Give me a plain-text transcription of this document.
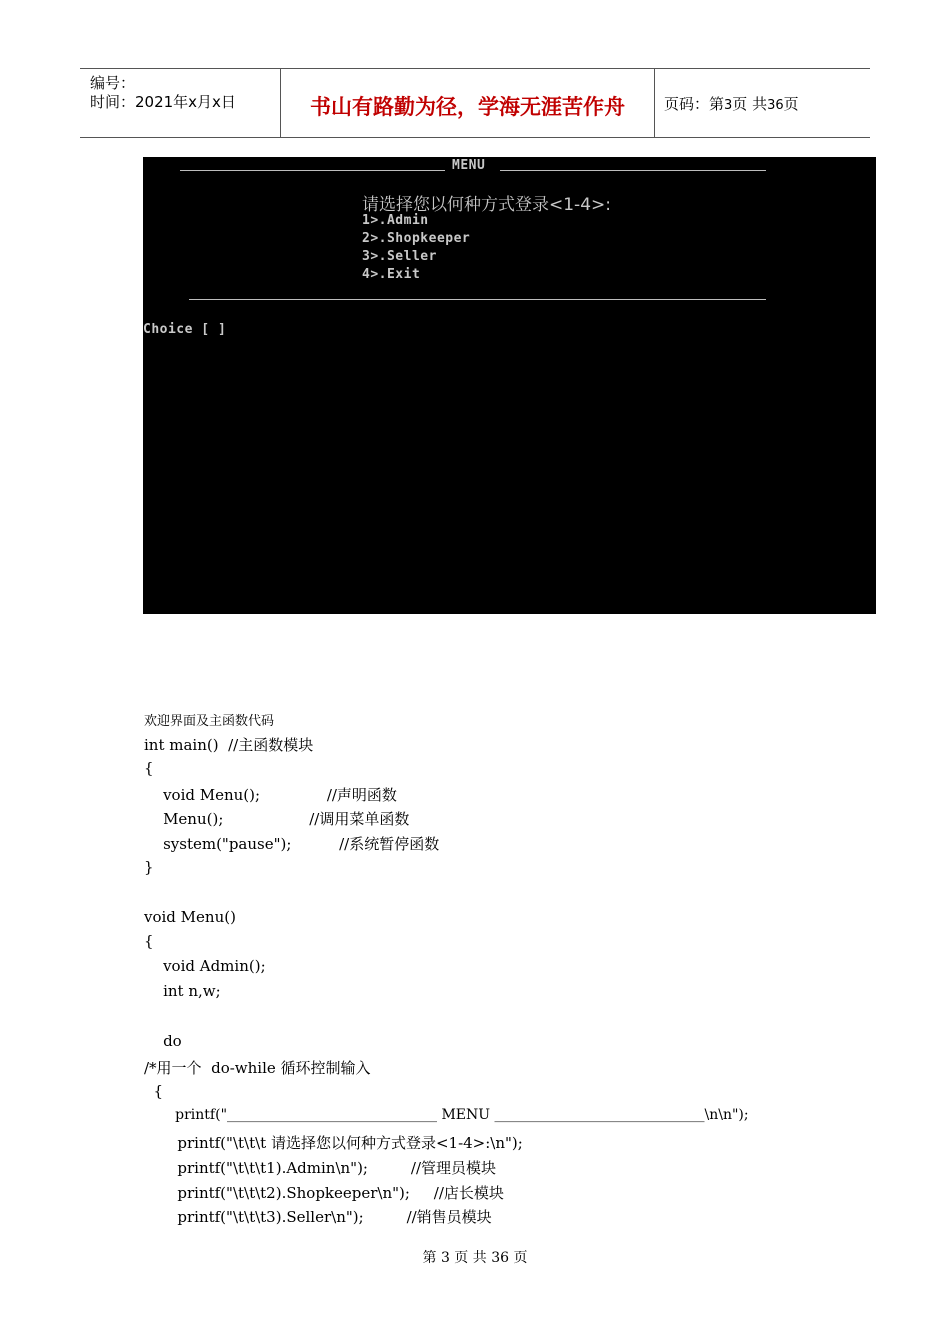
编号：
时间：2021年x月x日	书山有路勤为径，学海无涯苦作舟	页码：第3页 共36页
MENU
请选择您以何种方式登录<1-4>:
1>.Admin
2>.Shopkeeper
3>.Seller
4>.Exit
Choice [ ]
欢迎界面及主函数代码
int main()  //主函数模块
{
void Menu();              //声明函数
Menu();                  //调用菜单函数
system("pause");          //系统暂停函数
}
void Menu()
{
void Admin();
int n,w;
do
/*用一个  do-while 循环控制输入
{
printf("______________________________ MENU ______________________________\n\n");
printf("\t\t\t 请选择您以何种方式登录<1-4>:\n");
printf("\t\t\t1).Admin\n");         //管理员模块
printf("\t\t\t2).Shopkeeper\n");     //店长模块
printf("\t\t\t3).Seller\n");         //销售员模块
第 3 页 共 36 页
